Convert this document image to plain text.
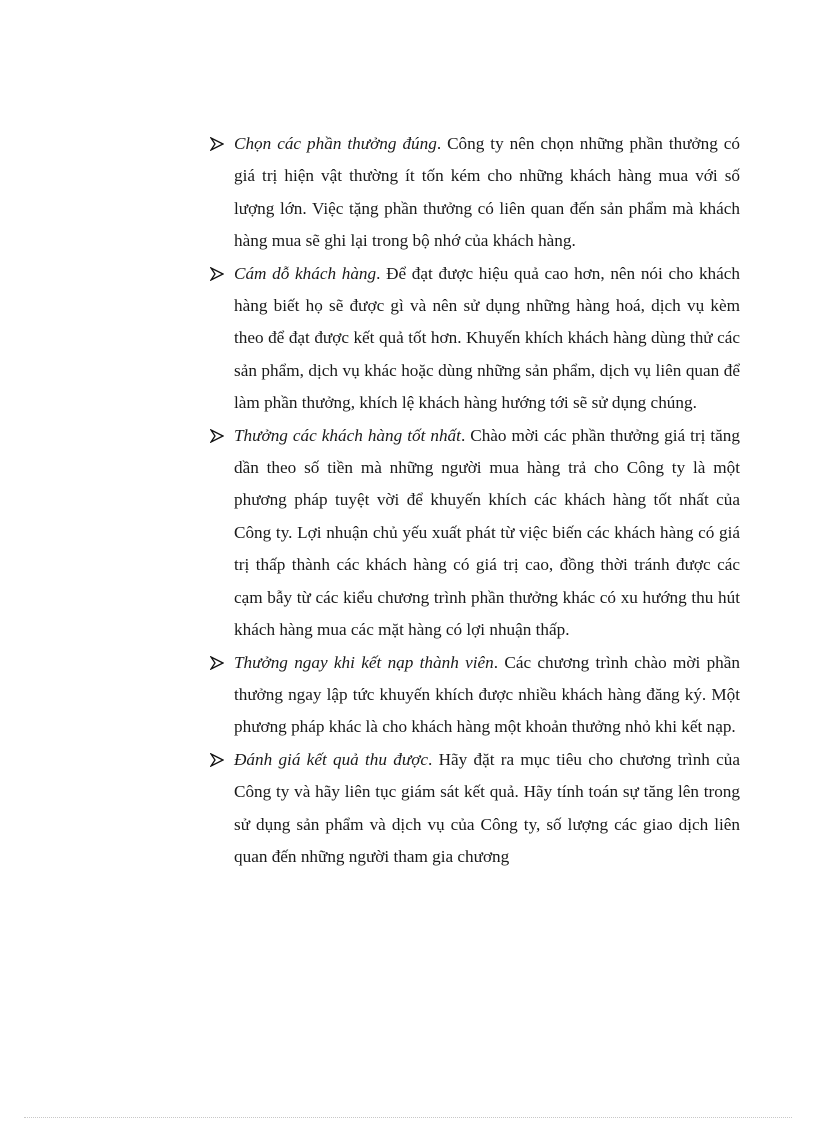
Chọn các phần thưởng đúng. Công ty nên chọn những phần thưởng có giá trị hiện vật thường ít tốn kém cho những khách hàng mua với số lượng lớn. Việc tặng phần thưởng có liên quan đến sản phẩm mà khách hàng mua sẽ ghi lại trong bộ nhớ của khách hàng.
Cám dỗ khách hàng. Để đạt được hiệu quả cao hơn, nên nói cho khách hàng biết họ sẽ được gì và nên sử dụng những hàng hoá, dịch vụ kèm theo để đạt được kết quả tốt hơn. Khuyến khích khách hàng dùng thử các sản phẩm, dịch vụ khác hoặc dùng những sản phẩm, dịch vụ liên quan để làm phần thưởng, khích lệ khách hàng hướng tới sẽ sử dụng chúng.
Thưởng các khách hàng tốt nhất. Chào mời các phần thưởng giá trị tăng dần theo số tiền mà những người mua hàng trả cho Công ty là một phương pháp tuyệt vời để khuyến khích các khách hàng tốt nhất của Công ty. Lợi nhuận chủ yếu xuất phát từ việc biến các khách hàng có giá trị thấp thành các khách hàng có giá trị cao, đồng thời tránh được các cạm bẫy từ các kiểu chương trình phần thưởng khác có xu hướng thu hút khách hàng mua các mặt hàng có lợi nhuận thấp.
Thưởng ngay khi kết nạp thành viên. Các chương trình chào mời phần thưởng ngay lập tức khuyến khích được nhiều khách hàng đăng ký. Một phương pháp khác là cho khách hàng một khoản thưởng nhỏ khi kết nạp.
Đánh giá kết quả thu được. Hãy đặt ra mục tiêu cho chương trình của Công ty và hãy liên tục giám sát kết quả. Hãy tính toán sự tăng lên trong sử dụng sản phẩm và dịch vụ của Công ty, số lượng các giao dịch liên quan đến những người tham gia chương
